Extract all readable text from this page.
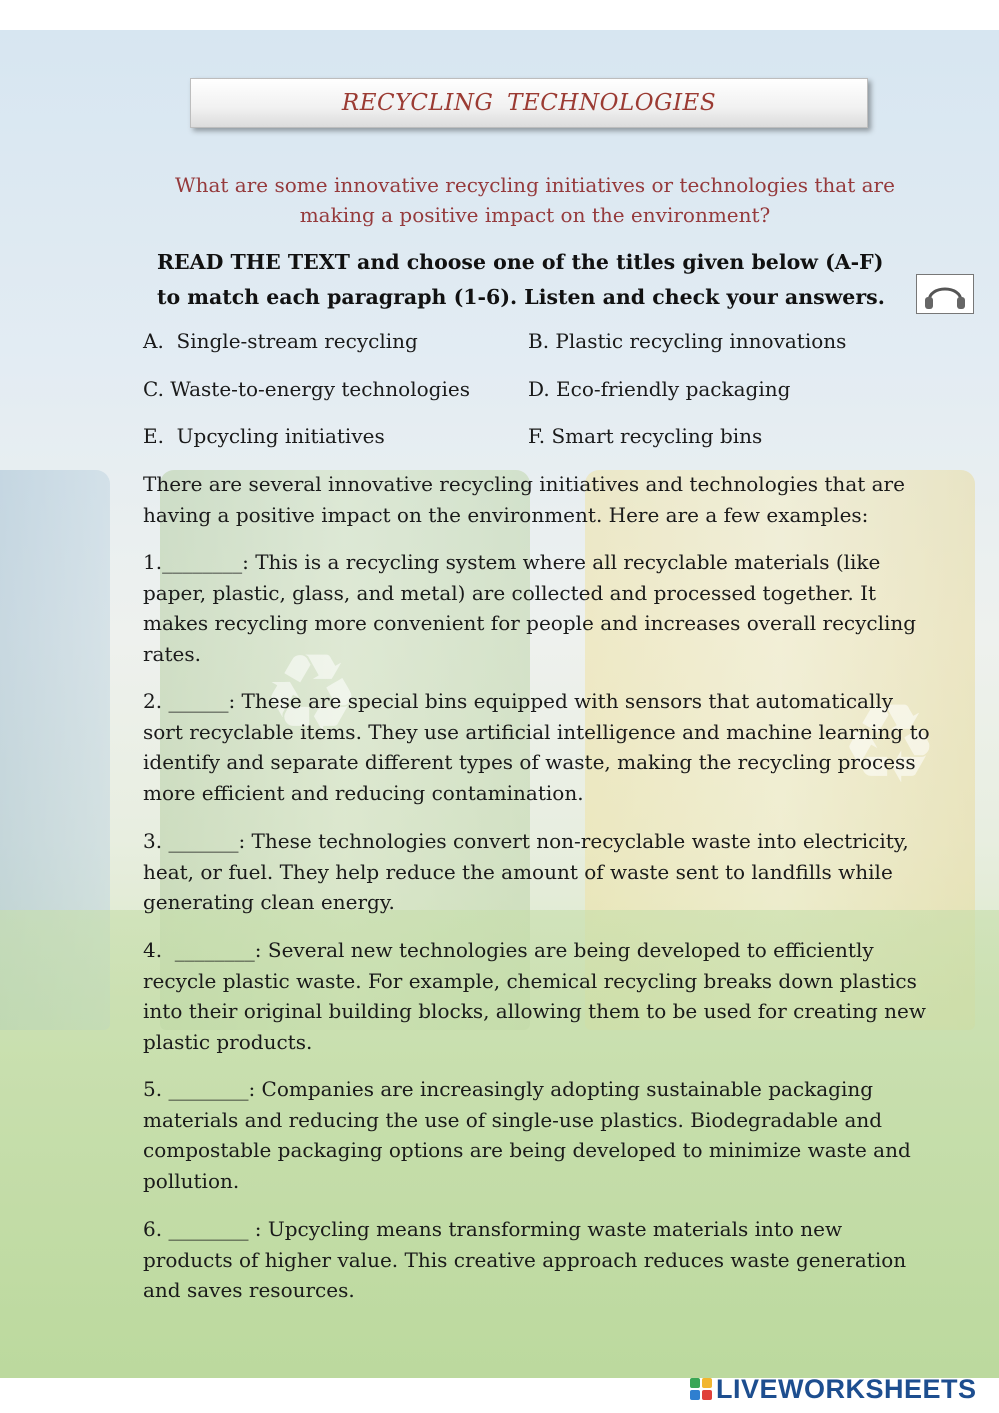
♻	♻
RECYCLING TECHNOLOGIES
What are some innovative recycling initiatives or technologies that are making a positive impact on the environment?
READ THE TEXT and choose one of the titles given below (A-F)
to match each paragraph (1-6). Listen and check your answers.
A.  Single-stream recycling	B. Plastic recycling innovations
C. Waste-to-energy technologies	D. Eco-friendly packaging
E.  Upcycling initiatives	F. Smart recycling bins

There are several innovative recycling initiatives and technologies that are having a positive impact on the environment. Here are a few examples:

1.________: This is a recycling system where all recyclable materials (like paper, plastic, glass, and metal) are collected and processed together. It makes recycling more convenient for people and increases overall recycling rates.

2. ______: These are special bins equipped with sensors that automatically sort recyclable items. They use artificial intelligence and machine learning to identify and separate different types of waste, making the recycling process more efficient and reducing contamination.

3. _______: These technologies convert non-recyclable waste into electricity, heat, or fuel. They help reduce the amount of waste sent to landfills while generating clean energy.

4.  ________: Several new technologies are being developed to efficiently recycle plastic waste. For example, chemical recycling breaks down plastics into their original building blocks, allowing them to be used for creating new plastic products.

5. ________: Companies are increasingly adopting sustainable packaging materials and reducing the use of single-use plastics. Biodegradable and compostable packaging options are being developed to minimize waste and pollution.

6. ________ : Upcycling means transforming waste materials into new products of higher value. This creative approach reduces waste generation and saves resources.

LIVEWORKSHEETS
